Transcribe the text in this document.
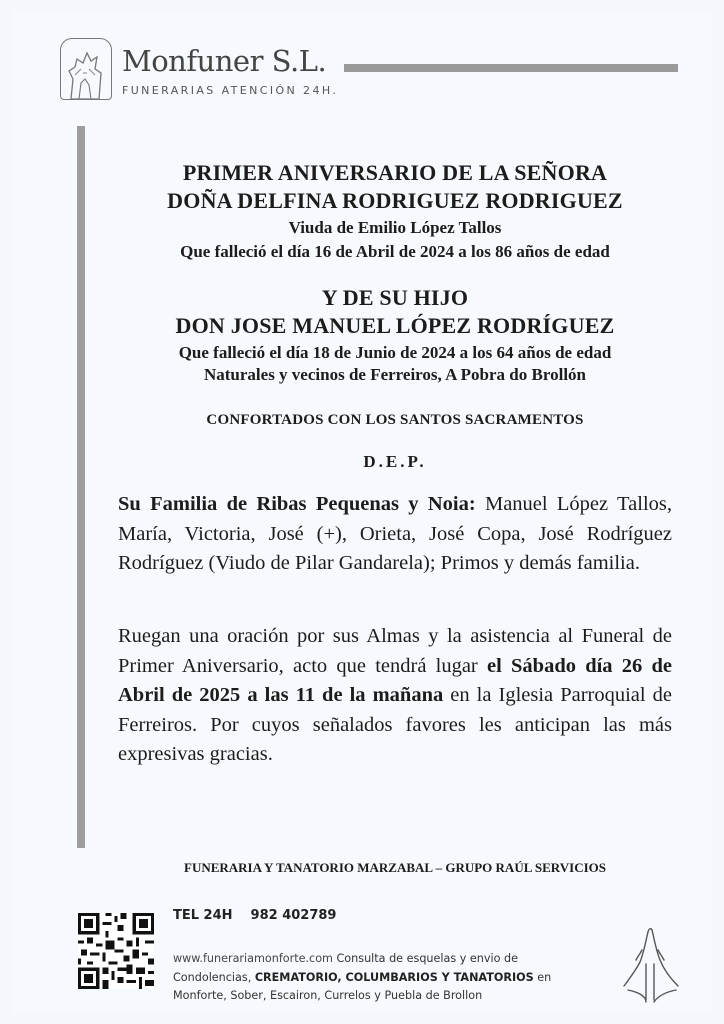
Monfuner S.L.
FUNERARIAS ATENCIÓN 24H.
PRIMER ANIVERSARIO DE LA SEÑORA
DOÑA DELFINA RODRIGUEZ RODRIGUEZ
Viuda de Emilio López Tallos
Que falleció el día 16 de Abril de 2024 a los 86 años de edad
Y DE SU HIJO
DON JOSE MANUEL LÓPEZ RODRÍGUEZ
Que falleció el día 18 de Junio de 2024 a los 64 años de edad
Naturales y vecinos de Ferreiros, A Pobra do Brollón
CONFORTADOS CON LOS SANTOS SACRAMENTOS
D.E.P.
Su Familia de Ribas Pequenas y Noia: Manuel López Tallos, María, Victoria, José (+), Orieta, José Copa, José Rodríguez Rodríguez (Viudo de Pilar Gandarela); Primos y demás familia.
Ruegan una oración por sus Almas y la asistencia al Funeral de Primer Aniversario, acto que tendrá lugar el Sábado día 26 de Abril de 2025 a las 11 de la mañana en la Iglesia Parroquial de Ferreiros. Por cuyos señalados favores les anticipan las más expresivas gracias.
FUNERARIA Y TANATORIO MARZABAL – GRUPO RAÚL SERVICIOS
TEL 24H 982 402789
www.funerariamonforte.com Consulta de esquelas y envio de Condolencias, CREMATORIO, COLUMBARIOS Y TANATORIOS en Monforte, Sober, Escairon, Currelos y Puebla de Brollon
